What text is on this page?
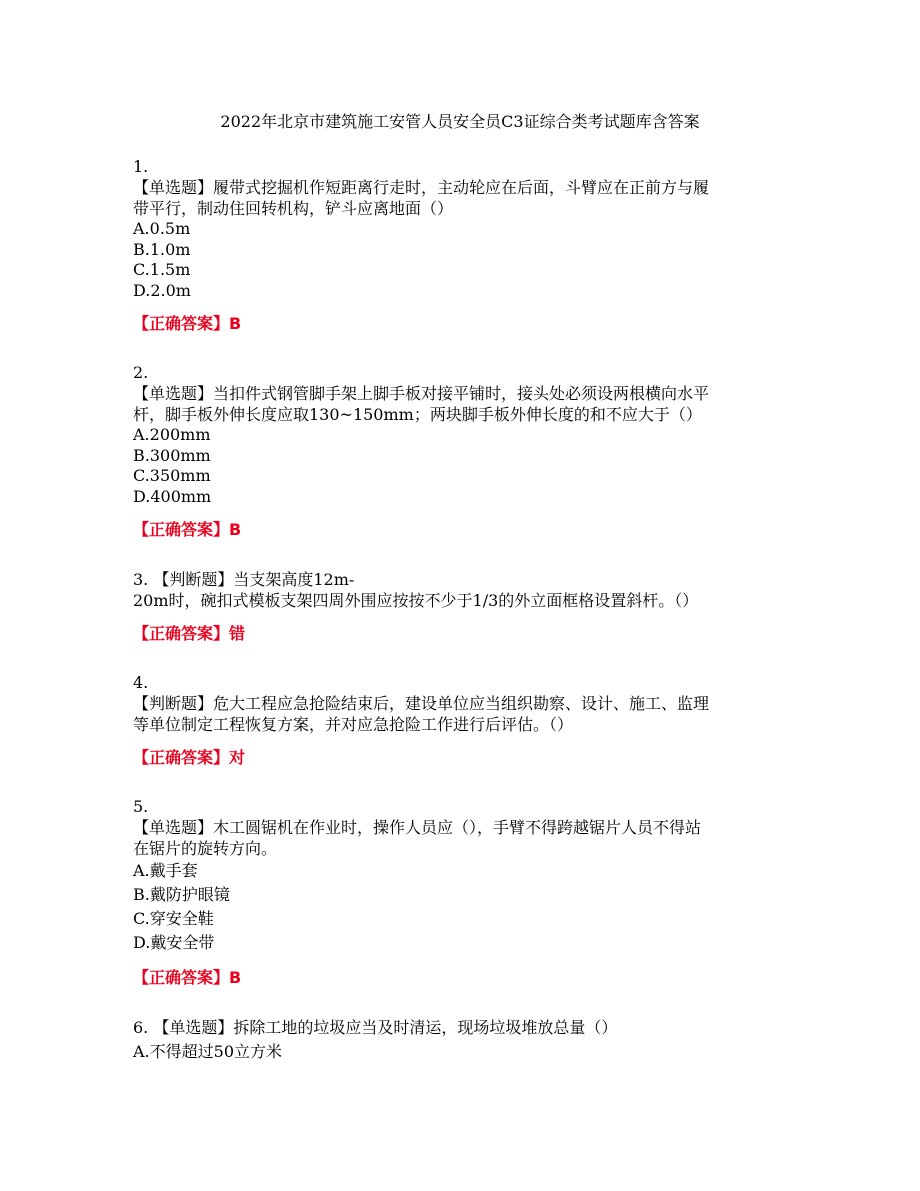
2022年北京市建筑施工安管人员安全员C3证综合类考试题库含答案
1.
【单选题】履带式挖掘机作短距离行走时，主动轮应在后面，斗臂应在正前方与履
带平行，制动住回转机构，铲斗应离地面（）
A.0.5m
B.1.0m
C.1.5m
D.2.0m
【正确答案】B
2.
【单选题】当扣件式钢管脚手架上脚手板对接平铺时，接头处必须设两根横向水平
杆，脚手板外伸长度应取130~150mm；两块脚手板外伸长度的和不应大于（）
A.200mm
B.300mm
C.350mm
D.400mm
【正确答案】B
3. 【判断题】当支架高度12m-
20m时，碗扣式模板支架四周外围应按按不少于1/3的外立面框格设置斜杆。（）
【正确答案】错
4.
【判断题】危大工程应急抢险结束后，建设单位应当组织勘察、设计、施工、监理
等单位制定工程恢复方案，并对应急抢险工作进行后评估。（）
【正确答案】对
5.
【单选题】木工圆锯机在作业时，操作人员应（），手臂不得跨越锯片人员不得站
在锯片的旋转方向。
A.戴手套
B.戴防护眼镜
C.穿安全鞋
D.戴安全带
【正确答案】B
6. 【单选题】拆除工地的垃圾应当及时清运，现场垃圾堆放总量（）
A.不得超过50立方米
